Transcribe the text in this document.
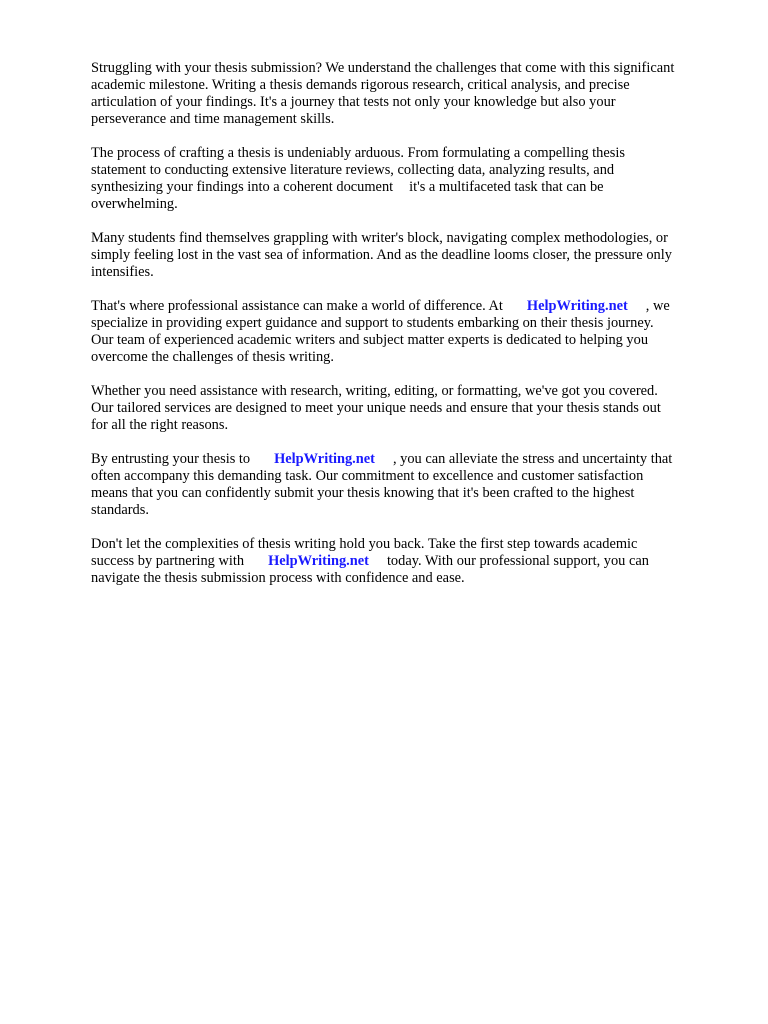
Struggling with your thesis submission? We understand the challenges that come with this significant
academic milestone. Writing a thesis demands rigorous research, critical analysis, and precise
articulation of your findings. It's a journey that tests not only your knowledge but also your
perseverance and time management skills.

The process of crafting a thesis is undeniably arduous. From formulating a compelling thesis
statement to conducting extensive literature reviews, collecting data, analyzing results, and
synthesizing your findings into a coherent document it's a multifaceted task that can be
overwhelming.

Many students find themselves grappling with writer's block, navigating complex methodologies, or
simply feeling lost in the vast sea of information. And as the deadline looms closer, the pressure only
intensifies.

That's where professional assistance can make a world of difference. At HelpWriting.net , we
specialize in providing expert guidance and support to students embarking on their thesis journey.
Our team of experienced academic writers and subject matter experts is dedicated to helping you
overcome the challenges of thesis writing.

Whether you need assistance with research, writing, editing, or formatting, we've got you covered.
Our tailored services are designed to meet your unique needs and ensure that your thesis stands out
for all the right reasons.

By entrusting your thesis to HelpWriting.net , you can alleviate the stress and uncertainty that
often accompany this demanding task. Our commitment to excellence and customer satisfaction
means that you can confidently submit your thesis knowing that it's been crafted to the highest
standards.

Don't let the complexities of thesis writing hold you back. Take the first step towards academic
success by partnering with HelpWriting.net today. With our professional support, you can
navigate the thesis submission process with confidence and ease.
